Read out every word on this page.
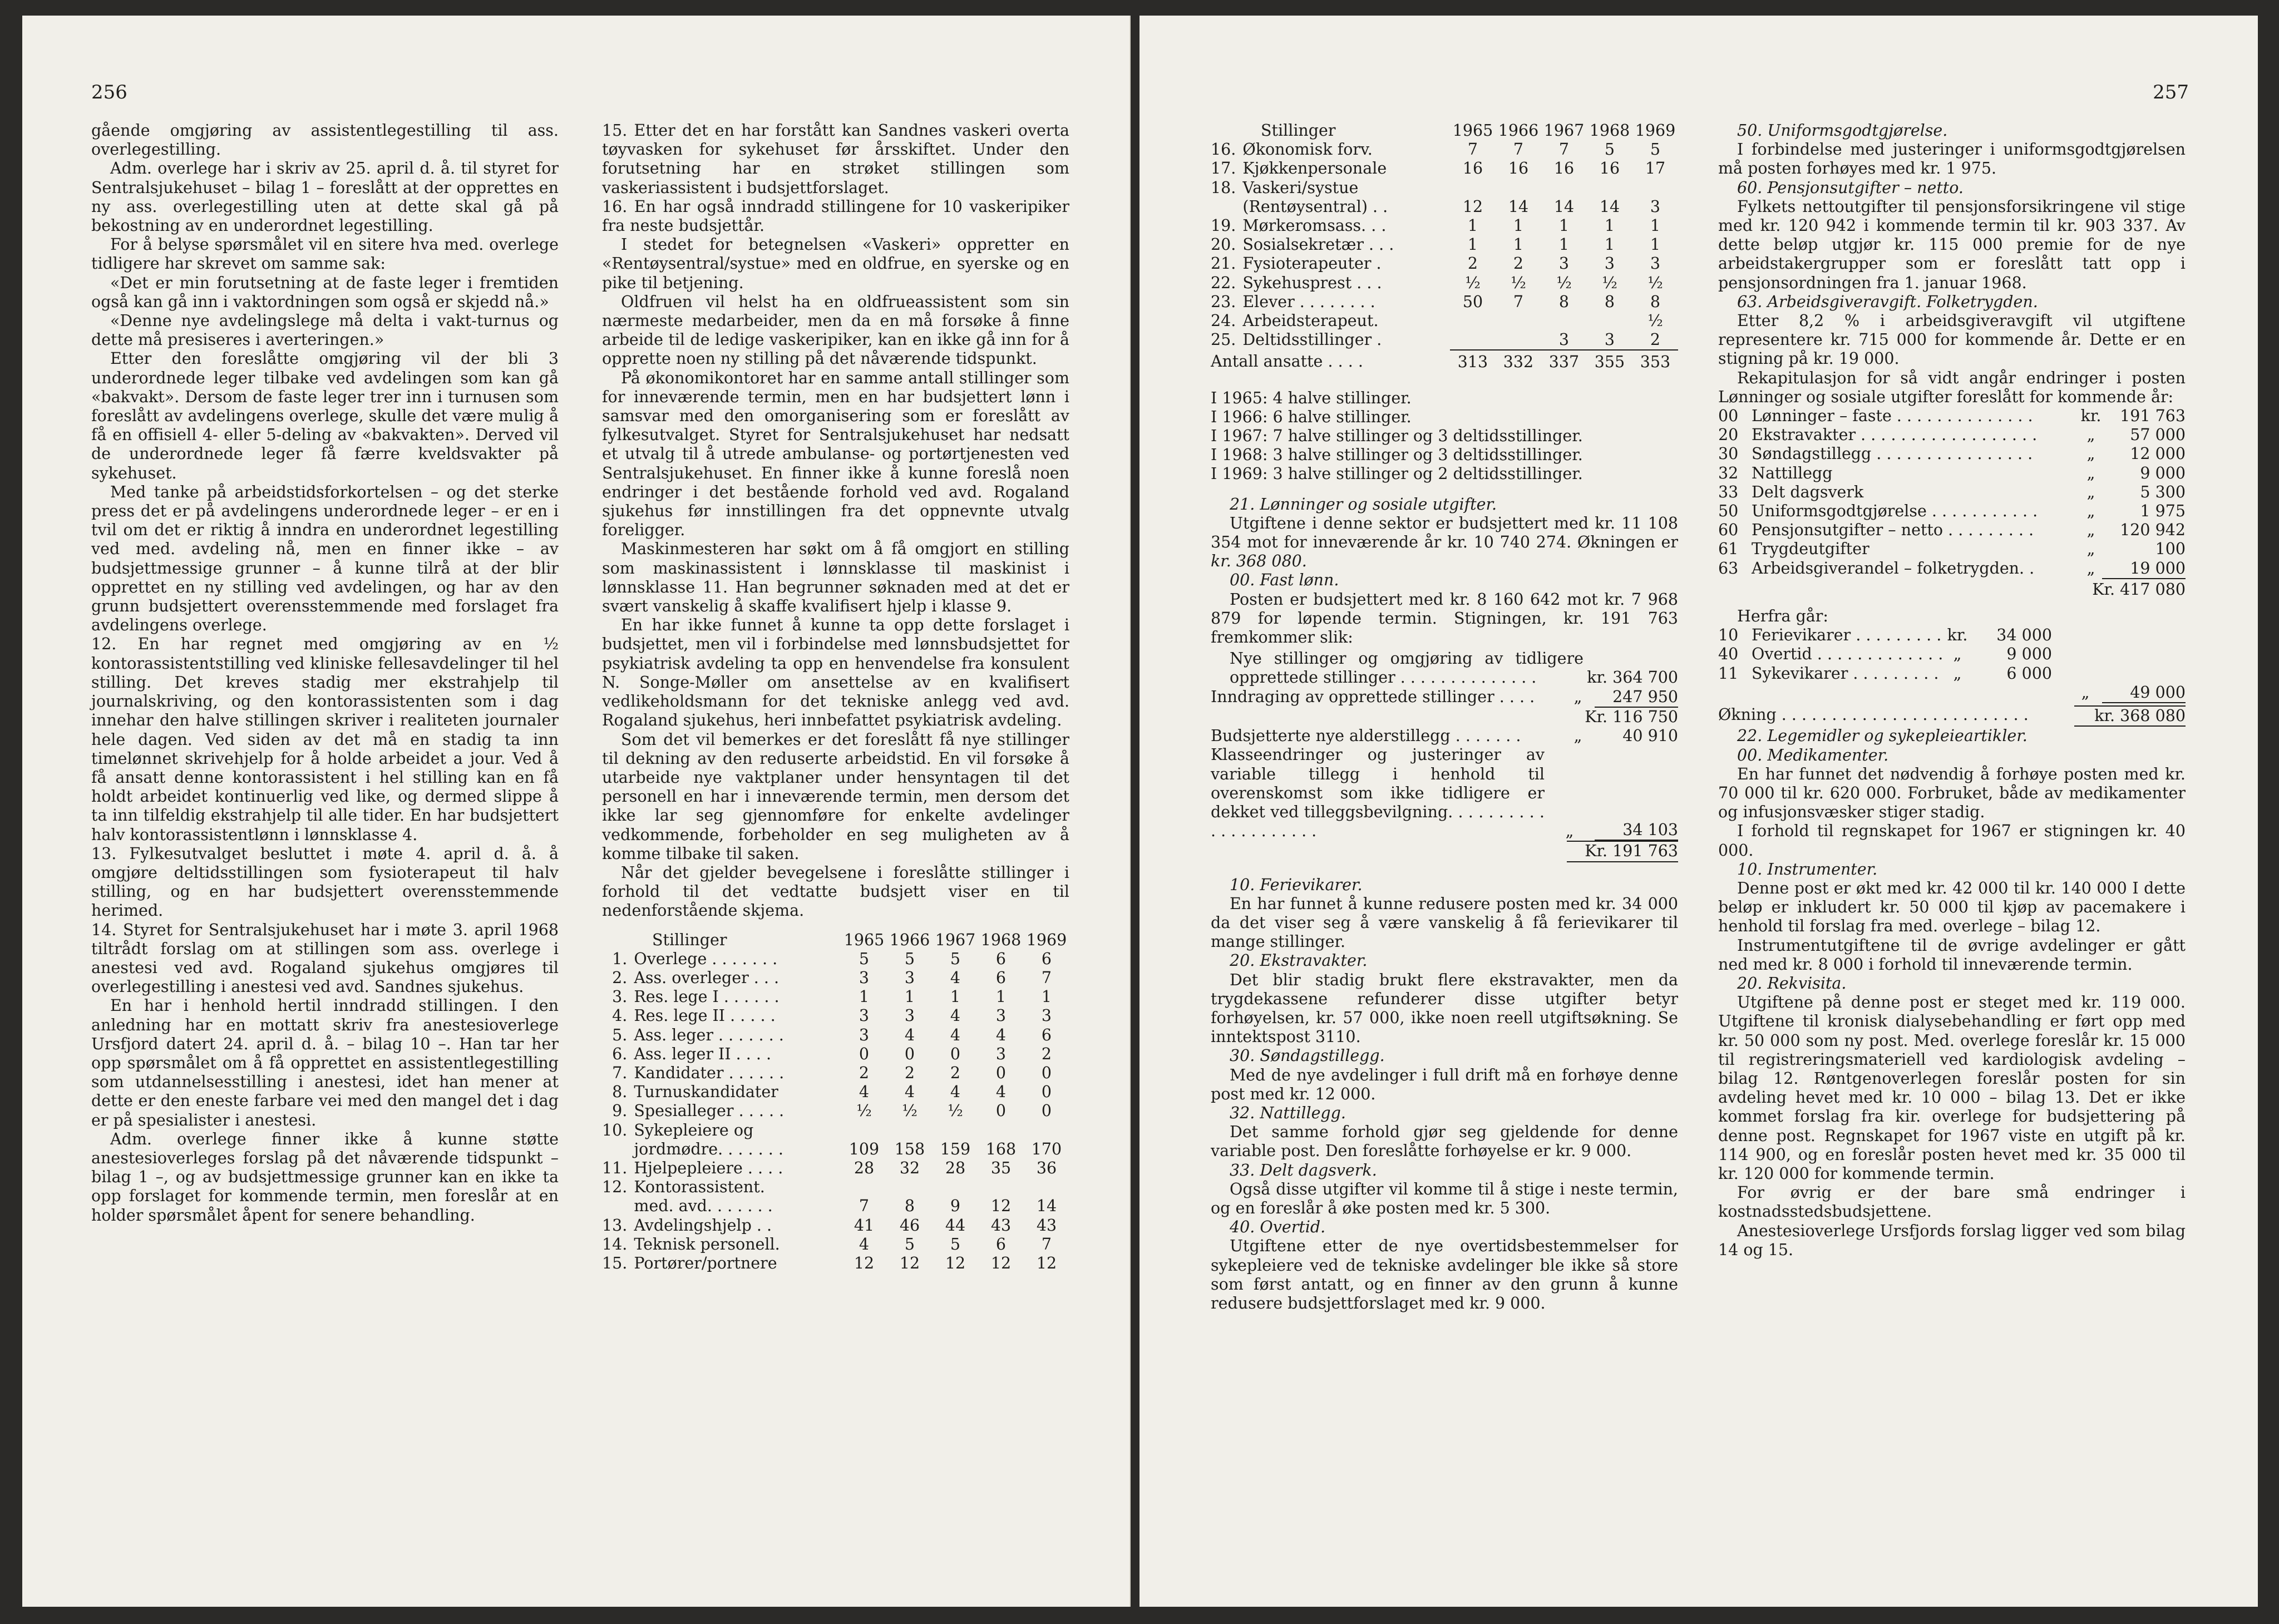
256

gående omgjøring av assistentlegestilling til ass. overlegestilling.

Adm. overlege har i skriv av 25. april d. å. til styret for Sentralsjukehuset – bilag 1 – foreslått at der opprettes en ny ass. overlegestilling uten at dette skal gå på bekostning av en underordnet legestilling.

For å belyse spørsmålet vil en sitere hva med. overlege tidligere har skrevet om samme sak:

«Det er min forutsetning at de faste leger i fremtiden også kan gå inn i vaktordningen som også er skjedd nå.»

«Denne nye avdelingslege må delta i vakt-turnus og dette må presiseres i averteringen.»

Etter den foreslåtte omgjøring vil der bli 3 underordnede leger tilbake ved avdelingen som kan gå «bakvakt». Dersom de faste leger trer inn i turnusen som foreslått av avdelingens overlege, skulle det være mulig å få en offisiell 4- eller 5-deling av «bakvakten». Derved vil de underordnede leger få færre kveldsvakter på sykehuset.

Med tanke på arbeidstidsforkortelsen – og det sterke press det er på avdelingens underordnede leger – er en i tvil om det er riktig å inndra en underordnet legestilling ved med. avdeling nå, men en finner ikke – av budsjettmessige grunner – å kunne tilrå at der blir opprettet en ny stilling ved avdelingen, og har av den grunn budsjettert overensstemmende med forslaget fra avdelingens overlege.

12. En har regnet med omgjøring av en ½ kontorassistentstilling ved kliniske fellesavdelinger til hel stilling. Det kreves stadig mer ekstrahjelp til journalskriving, og den kontorassistenten som i dag innehar den halve stillingen skriver i realiteten journaler hele dagen. Ved siden av det må en stadig ta inn timelønnet skrivehjelp for å holde arbeidet a jour. Ved å få ansatt denne kontorassistent i hel stilling kan en få holdt arbeidet kontinuerlig ved like, og dermed slippe å ta inn tilfeldig ekstrahjelp til alle tider. En har budsjettert halv kontorassistentlønn i lønnsklasse 4.

13. Fylkesutvalget besluttet i møte 4. april d. å. å omgjøre deltidsstillingen som fysioterapeut til halv stilling, og en har budsjettert overensstemmende herimed.

14. Styret for Sentralsjukehuset har i møte 3. april 1968 tiltrådt forslag om at stillingen som ass. overlege i anestesi ved avd. Rogaland sjukehus omgjøres til overlegestilling i anestesi ved avd. Sandnes sjukehus.

En har i henhold hertil inndradd stillingen. I den anledning har en mottatt skriv fra anestesioverlege Ursfjord datert 24. april d. å. – bilag 10 –. Han tar her opp spørsmålet om å få opprettet en assistentlegestilling som utdannelsesstilling i anestesi, idet han mener at dette er den eneste farbare vei med den mangel det i dag er på spesialister i anestesi.

Adm. overlege finner ikke å kunne støtte anestesioverleges forslag på det nåværende tidspunkt – bilag 1 –, og av budsjettmessige grunner kan en ikke ta opp forslaget for kommende termin, men foreslår at en holder spørsmålet åpent for senere behandling.

15. Etter det en har forstått kan Sandnes vaskeri overta tøyvasken for sykehuset før årsskiftet. Under den forutsetning har en strøket stillingen som vaskeriassistent i budsjettforslaget.

16. En har også inndradd stillingene for 10 vaskeripiker fra neste budsjettår.

I stedet for betegnelsen «Vaskeri» oppretter en «Rentøysentral/systue» med en oldfrue, en syerske og en pike til betjening.

Oldfruen vil helst ha en oldfrueassistent som sin nærmeste medarbeider, men da en må forsøke å finne arbeide til de ledige vaskeripiker, kan en ikke gå inn for å opprette noen ny stilling på det nåværende tidspunkt.

På økonomikontoret har en samme antall stillinger som for inneværende termin, men en har budsjettert lønn i samsvar med den omorganisering som er foreslått av fylkesutvalget. Styret for Sentralsjukehuset har nedsatt et utvalg til å utrede ambulanse- og portørtjenesten ved Sentralsjukehuset. En finner ikke å kunne foreslå noen endringer i det bestående forhold ved avd. Rogaland sjukehus før innstillingen fra det oppnevnte utvalg foreligger.

Maskinmesteren har søkt om å få omgjort en stilling som maskinassistent i lønnsklasse til maskinist i lønnsklasse 11. Han begrunner søknaden med at det er svært vanskelig å skaffe kvalifisert hjelp i klasse 9.

En har ikke funnet å kunne ta opp dette forslaget i budsjettet, men vil i forbindelse med lønnsbudsjettet for psykiatrisk avdeling ta opp en henvendelse fra konsulent N. Songe-Møller om ansettelse av en kvalifisert vedlikeholdsmann for det tekniske anlegg ved avd. Rogaland sjukehus, heri innbefattet psykiatrisk avdeling.

Som det vil bemerkes er det foreslått få nye stillinger til dekning av den reduserte arbeidstid. En vil forsøke å utarbeide nye vaktplaner under hensyntagen til det personell en har i inneværende termin, men dersom det ikke lar seg gjennomføre for enkelte avdelinger vedkommende, forbeholder en seg muligheten av å komme tilbake til saken.

Når det gjelder bevegelsene i foreslåtte stillinger i forhold til det vedtatte budsjett viser en til nedenforstående skjema.

Stillinger		1965	1966	1967	1968	1969
1.	Overlege . . . . . . .	5	5	5	6	6
2.	Ass. overleger . . .	3	3	4	6	7
3.	Res. lege I . . . . . .	1	1	1	1	1
4.	Res. lege II . . . . .	3	3	4	3	3
5.	Ass. leger . . . . . . .	3	4	4	4	6
6.	Ass. leger II . . . .	0	0	0	3	2
7.	Kandidater . . . . . .	2	2	2	0	0
8.	Turnuskandidater	4	4	4	4	0
9.	Spesialleger . . . . .	½	½	½	0	0
10.	Sykepleiere og					
	jordmødre. . . . . . .	109	158	159	168	170
11.	Hjelpepleiere . . . .	28	32	28	35	36
12.	Kontorassistent.					
	med. avd. . . . . . .	7	8	9	12	14
13.	Avdelingshjelp . .	41	46	44	43	43
14.	Teknisk personell.	4	5	5	6	7
15.	Portører/portnere	12	12	12	12	12
257
Stillinger		1965	1966	1967	1968	1969
16.	Økonomisk forv.	7	7	7	5	5
17.	Kjøkkenpersonale	16	16	16	16	17
18.	Vaskeri/systue					
	(Rentøysentral) . .	12	14	14	14	3
19.	Mørkeromsass. . .	1	1	1	1	1
20.	Sosialsekretær . . .	1	1	1	1	1
21.	Fysioterapeuter .	2	2	3	3	3
22.	Sykehusprest . . .	½	½	½	½	½
23.	Elever . . . . . . . .	50	7	8	8	8
24.	Arbeidsterapeut.					½
25.	Deltidsstillinger .			3	3	2
Antall ansatte . . . .		313	332	337	355	353
I 1965: 4 halve stillinger.
I 1966: 6 halve stillinger.
I 1967: 7 halve stillinger og 3 deltidsstillinger.
I 1968: 3 halve stillinger og 3 deltidsstillinger.
I 1969: 3 halve stillinger og 2 deltidsstillinger.

21. Lønninger og sosiale utgifter.

Utgiftene i denne sektor er budsjettert med kr. 11 108 354 mot for inneværende år kr. 10 740 274. Økningen er kr. 368 080.

00. Fast lønn.

Posten er budsjettert med kr. 8 160 642 mot kr. 7 968 879 for løpende termin. Stigningen, kr. 191 763 fremkommer slik:

Nye stillinger og omgjøring av tidligere opprettede stillinger . . . . . . . . . . . . . .	kr. 364 700
Inndraging av opprettede stillinger . . . .	„	247 950
Kr. 116 750
Budsjetterte nye alderstillegg . . . . . . .	„	40 910
Klasseendringer og justeringer av variable tillegg i henhold til overenskomst som ikke tidligere er dekket ved tilleggsbevilgning. . . . . . . . . . . . . . . . . . . . .	„	34 103
Kr. 191 763

10. Ferievikarer.

En har funnet å kunne redusere posten med kr. 34 000 da det viser seg å være vanskelig å få ferievikarer til mange stillinger.

20. Ekstravakter.

Det blir stadig brukt flere ekstravakter, men da trygdekassene refunderer disse utgifter betyr forhøyelsen, kr. 57 000, ikke noen reell utgiftsøkning. Se inntektspost 3110.

30. Søndagstillegg.

Med de nye avdelinger i full drift må en forhøye denne post med kr. 12 000.

32. Nattillegg.

Det samme forhold gjør seg gjeldende for denne variable post. Den foreslåtte forhøyelse er kr. 9 000.

33. Delt dagsverk.

Også disse utgifter vil komme til å stige i neste termin, og en foreslår å øke posten med kr. 5 300.

40. Overtid.

Utgiftene etter de nye overtidsbestemmelser for sykepleiere ved de tekniske avdelinger ble ikke så store som først antatt, og en finner av den grunn å kunne redusere budsjettforslaget med kr. 9 000.

50. Uniformsgodtgjørelse.

I forbindelse med justeringer i uniformsgodtgjørelsen må posten forhøyes med kr. 1 975.

60. Pensjonsutgifter – netto.

Fylkets nettoutgifter til pensjonsforsikringene vil stige med kr. 120 942 i kommende termin til kr. 903 337. Av dette beløp utgjør kr. 115 000 premie for de nye arbeidstakergrupper som er foreslått tatt opp i pensjonsordningen fra 1. januar 1968.

63. Arbeidsgiveravgift. Folketrygden.

Etter 8,2 % i arbeidsgiveravgift vil utgiftene representere kr. 715 000 for kommende år. Dette er en stigning på kr. 19 000.

Rekapitulasjon for så vidt angår endringer i posten Lønninger og sosiale utgifter foreslått for kommende år:

00	Lønninger – faste . . . . . . . . . . . . . .	kr.	191 763
20	Ekstravakter . . . . . . . . . . . . . . . . . .	„	57 000
30	Søndagstillegg . . . . . . . . . . . . . . . .	„	12 000
32	Nattillegg	„	9 000
33	Delt dagsverk	„	5 300
50	Uniformsgodtgjørelse . . . . . . . . . . .	„	1 975
60	Pensjonsutgifter – netto . . . . . . . . .	„	120 942
61	Trygdeutgifter	„	100
63	Arbeidsgiverandel – folketrygden. .	„	19 000
Kr. 417 080

Herfra går:

10	Ferievikarer . . . . . . . . .	kr.	34 000
40	Overtid . . . . . . . . . . . . .	„	9 000
11	Sykevikarer . . . . . . . . .	„	6 000
„	49 000
Økning . . . . . . . . . . . . . . . . . . . . . . . . .	kr. 368 080

22. Legemidler og sykepleieartikler.

00. Medikamenter.

En har funnet det nødvendig å forhøye posten med kr. 70 000 til kr. 620 000. Forbruket, både av medikamenter og infusjonsvæsker stiger stadig.

I forhold til regnskapet for 1967 er stigningen kr. 40 000.

10. Instrumenter.

Denne post er økt med kr. 42 000 til kr. 140 000 I dette beløp er inkludert kr. 50 000 til kjøp av pacemakere i henhold til forslag fra med. overlege – bilag 12.

Instrumentutgiftene til de øvrige avdelinger er gått ned med kr. 8 000 i forhold til inneværende termin.

20. Rekvisita.

Utgiftene på denne post er steget med kr. 119 000. Utgiftene til kronisk dialysebehandling er ført opp med kr. 50 000 som ny post. Med. overlege foreslår kr. 15 000 til registreringsmateriell ved kardiologisk avdeling – bilag 12. Røntgenoverlegen foreslår posten for sin avdeling hevet med kr. 10 000 – bilag 13. Det er ikke kommet forslag fra kir. overlege for budsjettering på denne post. Regnskapet for 1967 viste en utgift på kr. 114 900, og en foreslår posten hevet med kr. 35 000 til kr. 120 000 for kommende termin.

For øvrig er der bare små endringer i kostnadsstedsbudsjettene.

Anestesioverlege Ursfjords forslag ligger ved som bilag 14 og 15.
